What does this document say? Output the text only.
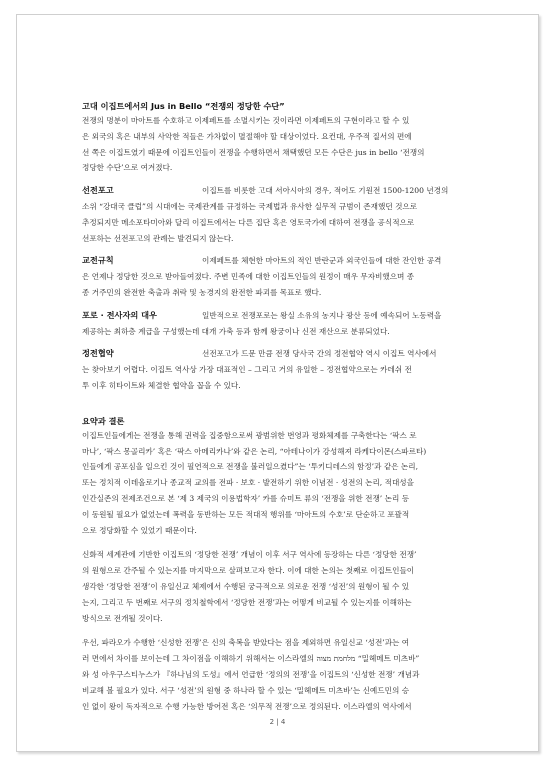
고대 이집트에서의 Jus in Bello “전쟁의 정당한 수단”

전쟁의 명분이 마아트를 수호하고 이제페트를 소멸시키는 것이라면 이제페트의 구현이라고 할 수 있

은 외국의 혹은 내부의 사악한 적들은 가차없이 멸절해야 할 대상이었다. 요컨대, 우주적 질서의 편에

선 쪽은 이집트였기 때문에 이집트인들이 전쟁을 수행하면서 채택했던 모든 수단은 jus in bello ‘전쟁의

정당한 수단’으로 여겨졌다.

선전포고	이집트를 비롯한 고대 서아시아의 경우, 적어도 기원전 1500-1200 년경의

소위 “강대국 클럽”의 시대에는 국제관계를 규정하는 국제법과 유사한 실무적 규범이 존재했던 것으로

추정되지만 메소포타미아와 달리 이집트에서는 다른 집단 혹은 영토국가에 대하여 전쟁을 공식적으로

선포하는 선전포고의 관례는 발견되지 않는다.

교전규칙	이제페트를 체현한 마아트의 적인 반란군과 외국인들에 대한 잔인한 공격

은 언제나 정당한 것으로 받아들여졌다. 주변 민족에 대한 이집트인들의 원정이 매우 무자비했으며 종

종 거주민의 완전한 축출과 취락 및 농경지의 완전한 파괴를 목표로 했다.

포로 · 전사자의 대우	일반적으로 전쟁포로는 왕실 소유의 농지나 광산 등에 예속되어 노동력을

제공하는 최하층 계급을 구성했는데 대개 가축 등과 함께 왕궁이나 신전 재산으로 분류되었다.

정전협약	선전포고가 드문 만큼 전쟁 당사국 간의 정전협약 역시 이집트 역사에서

는 찾아보기 어렵다. 이집트 역사상 가장 대표적인 – 그리고 거의 유일한 – 정전협약으로는 카데쉬 전

투 이후 히타이트와 체결한 협약을 꼽을 수 있다.

요약과 결론

이집트인들에게는 전쟁을 통해 권력을 집중함으로써 광범위한 번영과 평화체제를 구축한다는 ‘팍스 로

마나’, ‘팍스 몽골리카’ 혹은 ‘팍스 아메리카나’와 같은 논리, “아테나이가 강성해져 라케다이몬(스파르타)

인들에게 공포심을 일으킨 것이 필연적으로 전쟁을 불러일으켰다”는 ‘투키디데스의 함정’과 같은 논리,

또는 정치적 이데올로기나 종교적 교의를 전파 · 보호 · 발전하기 위한 이념전 · 성전의 논리, 적대성을

인간실존의 전제조건으로 본 ‘제 3 제국의 이용법학자’ 카를 슈미트 류의 ‘전쟁을 위한 전쟁’ 논리 등

이 동원될 필요가 없었는데 폭력을 동반하는 모든 적대적 행위를 ‘마아트의 수호’로 단순하고 포괄적

으로 정당화할 수 있었기 때문이다.

신화적 세계관에 기반한 이집트의 ‘정당한 전쟁’ 개념이 이후 서구 역사에 등장하는 다른 ‘정당한 전쟁’

의 원형으로 간주될 수 있는지를 마지막으로 살펴보고자 한다. 이에 대한 논의는 첫째로 이집트인들이

생각한 ‘정당한 전쟁’이 유일신교 체제에서 수행된 궁극적으로 의로운 전쟁 ‘성전’의 원형이 될 수 있

는지, 그리고 두 번째로 서구의 정치철학에서 ‘정당한 전쟁’과는 어떻게 비교될 수 있는지를 이해하는

방식으로 전개될 것이다.

우선, 파라오가 수행한 ‘신성한 전쟁’은 신의 축복을 받았다는 점을 제외하면 유일신교 ‘성전’과는 여

러 면에서 차이를 보이는데 그 차이점을 이해하기 위해서는 이스라엘의 מלחמת מצוה “밀헤메트 미츠바”

와 성 아우구스티누스가 『하나님의 도성』에서 언급한 ‘정의의 전쟁’을 이집트의 ‘신성한 전쟁’ 개념과

비교해 볼 필요가 있다. 서구 ‘성전’의 원형 중 하나라 할 수 있는 ‘밀헤메트 미츠바’는 신예드민의 승

인 없이 왕이 독자적으로 수행 가능한 방어전 혹은 ‘의무적 전쟁’으로 정의된다. 이스라엘의 역사에서

2 | 4
